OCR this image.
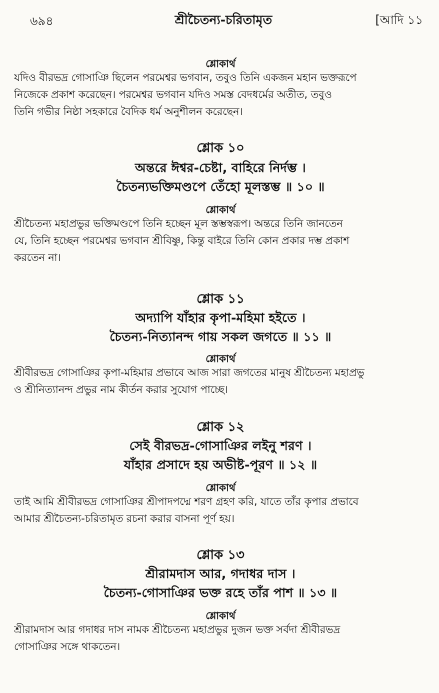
৬৯৪	শ্রীচৈতন্য-চরিতামৃত	[আদি ১১
শ্লোকার্থ
যদিও বীরভদ্র গোসাঞি ছিলেন পরমেশ্বর ভগবান, তবুও তিনি একজন মহান ভক্তরূপে
নিজেকে প্রকাশ করেছেন। পরমেশ্বর ভগবান যদিও সমস্ত বেদধর্মের অতীত, তবুও
তিনি গভীর নিষ্ঠা সহকারে বৈদিক ধর্ম অনুশীলন করেছেন।
শ্লোক ১০
অন্তরে ঈশ্বর-চেষ্টা, বাহিরে নির্দম্ভ ।
চৈতন্যভক্তিমণ্ডপে তেঁহো মূলস্তম্ভ ॥ ১০ ॥
শ্লোকার্থ
শ্রীচৈতন্য মহাপ্রভুর ভক্তিমণ্ডপে তিনি হচ্ছেন মূল স্তম্ভস্বরূপ। অন্তরে তিনি জানতেন
যে, তিনি হচ্ছেন পরমেশ্বর ভগবান শ্রীবিষ্ণু, কিন্তু বাইরে তিনি কোন প্রকার দম্ভ প্রকাশ
করতেন না।
শ্লোক ১১
অদ্যাপি যাঁহার কৃপা-মহিমা হইতে ।
চৈতন্য-নিত্যানন্দ গায় সকল জগতে ॥ ১১ ॥
শ্লোকার্থ
শ্রীবীরভদ্র গোসাঞির কৃপা-মহিমার প্রভাবে আজ সারা জগতের মানুষ শ্রীচৈতন্য মহাপ্রভু
ও শ্রীনিত্যানন্দ প্রভুর নাম কীর্তন করার সুযোগ পাচ্ছে।
শ্লোক ১২
সেই বীরভদ্র-গোসাঞির লইনু শরণ ।
যাঁহার প্রসাদে হয় অভীষ্ট-পূরণ ॥ ১২ ॥
শ্লোকার্থ
তাই আমি শ্রীবীরভদ্র গোসাঞির শ্রীপাদপদ্মে শরণ গ্রহণ করি, যাতে তাঁর কৃপার প্রভাবে
আমার শ্রীচৈতন্য-চরিতামৃত রচনা করার বাসনা পূর্ণ হয়।
শ্লোক ১৩
শ্রীরামদাস আর, গদাধর দাস ।
চৈতন্য-গোসাঞির ভক্ত রহে তাঁর পাশ ॥ ১৩ ॥
শ্লোকার্থ
শ্রীরামদাস আর গদাধর দাস নামক শ্রীচৈতন্য মহাপ্রভুর দুজন ভক্ত সর্বদা শ্রীবীরভদ্র
গোসাঞির সঙ্গে থাকতেন।
